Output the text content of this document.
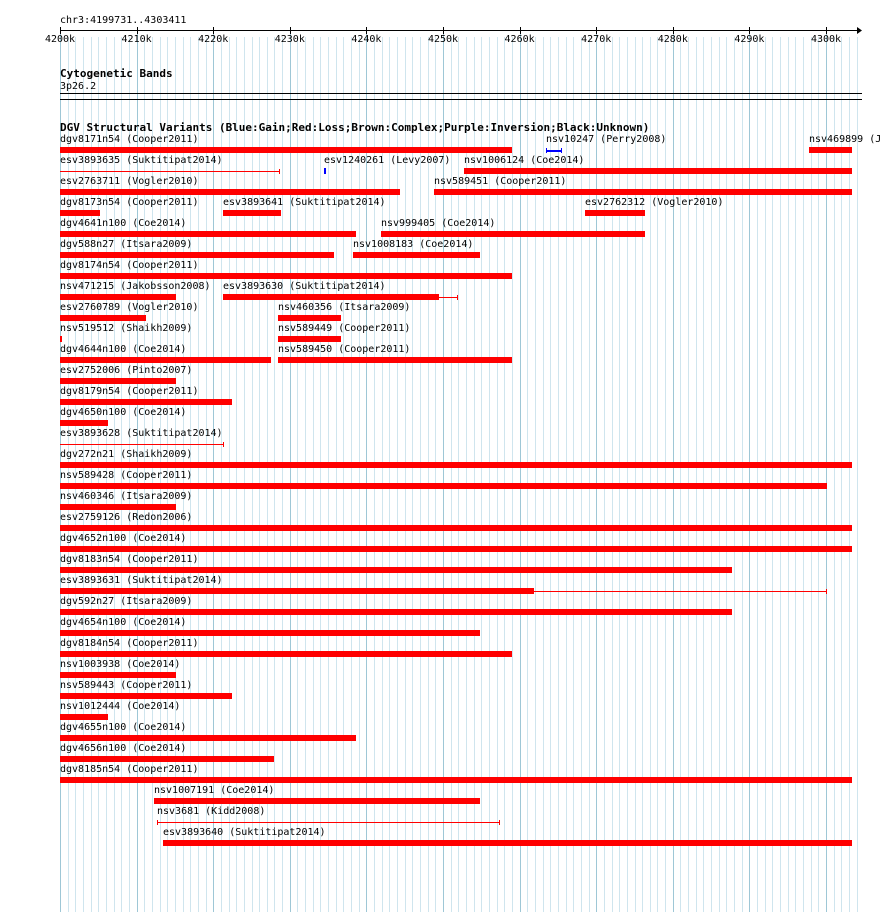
chr3:4199731..4303411
4200k	4210k	4220k	4230k	4240k	4250k	4260k	4270k	4280k	4290k	4300k
Cytogenetic Bands
3p26.2
DGV Structural Variants (Blue:Gain;Red:Loss;Brown:Complex;Purple:Inversion;Black:Unknown)
dgv8171n54 (Cooper2011)	nsv10247 (Perry2008)	nsv469899 (J
esv3893635 (Suktitipat2014)	esv1240261 (Levy2007) nsv1006124 (Coe2014)
esv2763711 (Vogler2010)	nsv589451 (Cooper2011)
dgv8173n54 (Cooper2011) esv3893641 (Suktitipat2014)	esv2762312 (Vogler2010)
dgv4641n100 (Coe2014)	nsv999405 (Coe2014)
dgv588n27 (Itsara2009)	nsv1008183 (Coe2014)
dgv8174n54 (Cooper2011)
nsv471215 (Jakobsson2008) esv3893630 (Suktitipat2014)
esv2760789 (Vogler2010)	nsv460356 (Itsara2009)
nsv519512 (Shaikh2009)	nsv589449 (Cooper2011)
dgv4644n100 (Coe2014)	nsv589450 (Cooper2011)
esv2752006 (Pinto2007)
dgv8179n54 (Cooper2011)
dgv4650n100 (Coe2014)
esv3893628 (Suktitipat2014)
dgv272n21 (Shaikh2009)
nsv589428 (Cooper2011)
nsv460346 (Itsara2009)
esv2759126 (Redon2006)
dgv4652n100 (Coe2014)
dgv8183n54 (Cooper2011)
esv3893631 (Suktitipat2014)
dgv592n27 (Itsara2009)
dgv4654n100 (Coe2014)
dgv8184n54 (Cooper2011)
nsv1003938 (Coe2014)
nsv589443 (Cooper2011)
nsv1012444 (Coe2014)
dgv4655n100 (Coe2014)
dgv4656n100 (Coe2014)
dgv8185n54 (Cooper2011)
nsv1007191 (Coe2014)
nsv3681 (Kidd2008)
esv3893640 (Suktitipat2014)
